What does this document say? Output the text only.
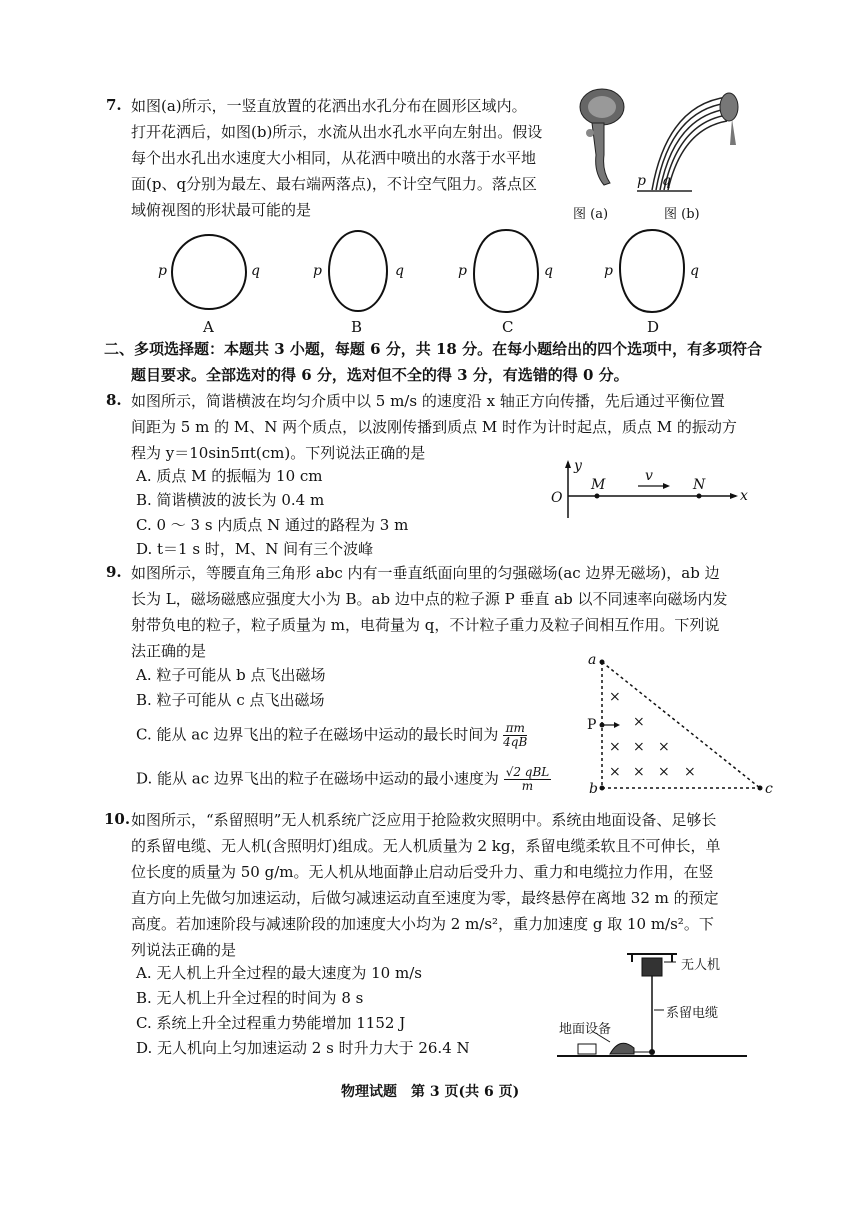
7. 如图(a)所示，一竖直放置的花洒出水孔分布在圆形区域内。
打开花洒后，如图(b)所示，水流从出水孔水平向左射出。假设
每个出水孔出水速度大小相同，从花洒中喷出的水落于水平地
面(p、q分别为最左、最右端两落点)，不计空气阻力。落点区
域俯视图的形状最可能的是	图 (a)
p q
图 (b)
p	q
A
p	q
B
p	q
C
p	q
D
二、多项选择题：本题共 3 小题，每题 6 分，共 18 分。在每小题给出的四个选项中，有多项符合
题目要求。全部选对的得 6 分，选对但不全的得 3 分，有选错的得 0 分。
8. 如图所示，简谐横波在均匀介质中以 5 m/s 的速度沿 x 轴正方向传播，先后通过平衡位置
间距为 5 m 的 M、N 两个质点，以波刚传播到质点 M 时作为计时起点，质点 M 的振动方
程为 y＝10sin5πt(cm)。下列说法正确的是
A. 质点 M 的振幅为 10 cm
B. 简谐横波的波长为 0.4 m
C. 0 ～ 3 s 内质点 N 通过的路程为 3 m
D. t＝1 s 时，M、N 间有三个波峰
y
O
M
v
N
x
9. 如图所示，等腰直角三角形 abc 内有一垂直纸面向里的匀强磁场(ac 边界无磁场)，ab 边
长为 L，磁场磁感应强度大小为 B。ab 边中点的粒子源 P 垂直 ab 以不同速率向磁场内发
射带负电的粒子，粒子质量为 m，电荷量为 q，不计粒子重力及粒子间相互作用。下列说
法正确的是
A. 粒子可能从 b 点飞出磁场
B. 粒子可能从 c 点飞出磁场
C. 能从 ac 边界飞出的粒子在磁场中运动的最长时间为 $\frac{\pi m}{4qB}$
D. 能从 ac 边界飞出的粒子在磁场中运动的最小速度为 $\frac{\text{√2 qBL}}{m}$
a
b	c
P
×
×
× × ×
× × × ×
10. 如图所示，“系留照明”无人机系统广泛应用于抢险救灾照明中。系统由地面设备、足够长
的系留电缆、无人机(含照明灯)组成。无人机质量为 2 kg，系留电缆柔软且不可伸长，单
位长度的质量为 50 g/m。无人机从地面静止启动后受升力、重力和电缆拉力作用，在竖
直方向上先做匀加速运动，后做匀减速运动直至速度为零，最终悬停在离地 32 m 的预定
高度。若加速阶段与减速阶段的加速度大小均为 2 m/s²，重力加速度 g 取 10 m/s²。下
列说法正确的是
A. 无人机上升全过程的最大速度为 10 m/s
B. 无人机上升全过程的时间为 8 s
C. 系统上升全过程重力势能增加 1152 J
D. 无人机向上匀加速运动 2 s 时升力大于 26.4 N
无人机
系留电缆
地面设备
物理试题　第 3 页(共 6 页)
